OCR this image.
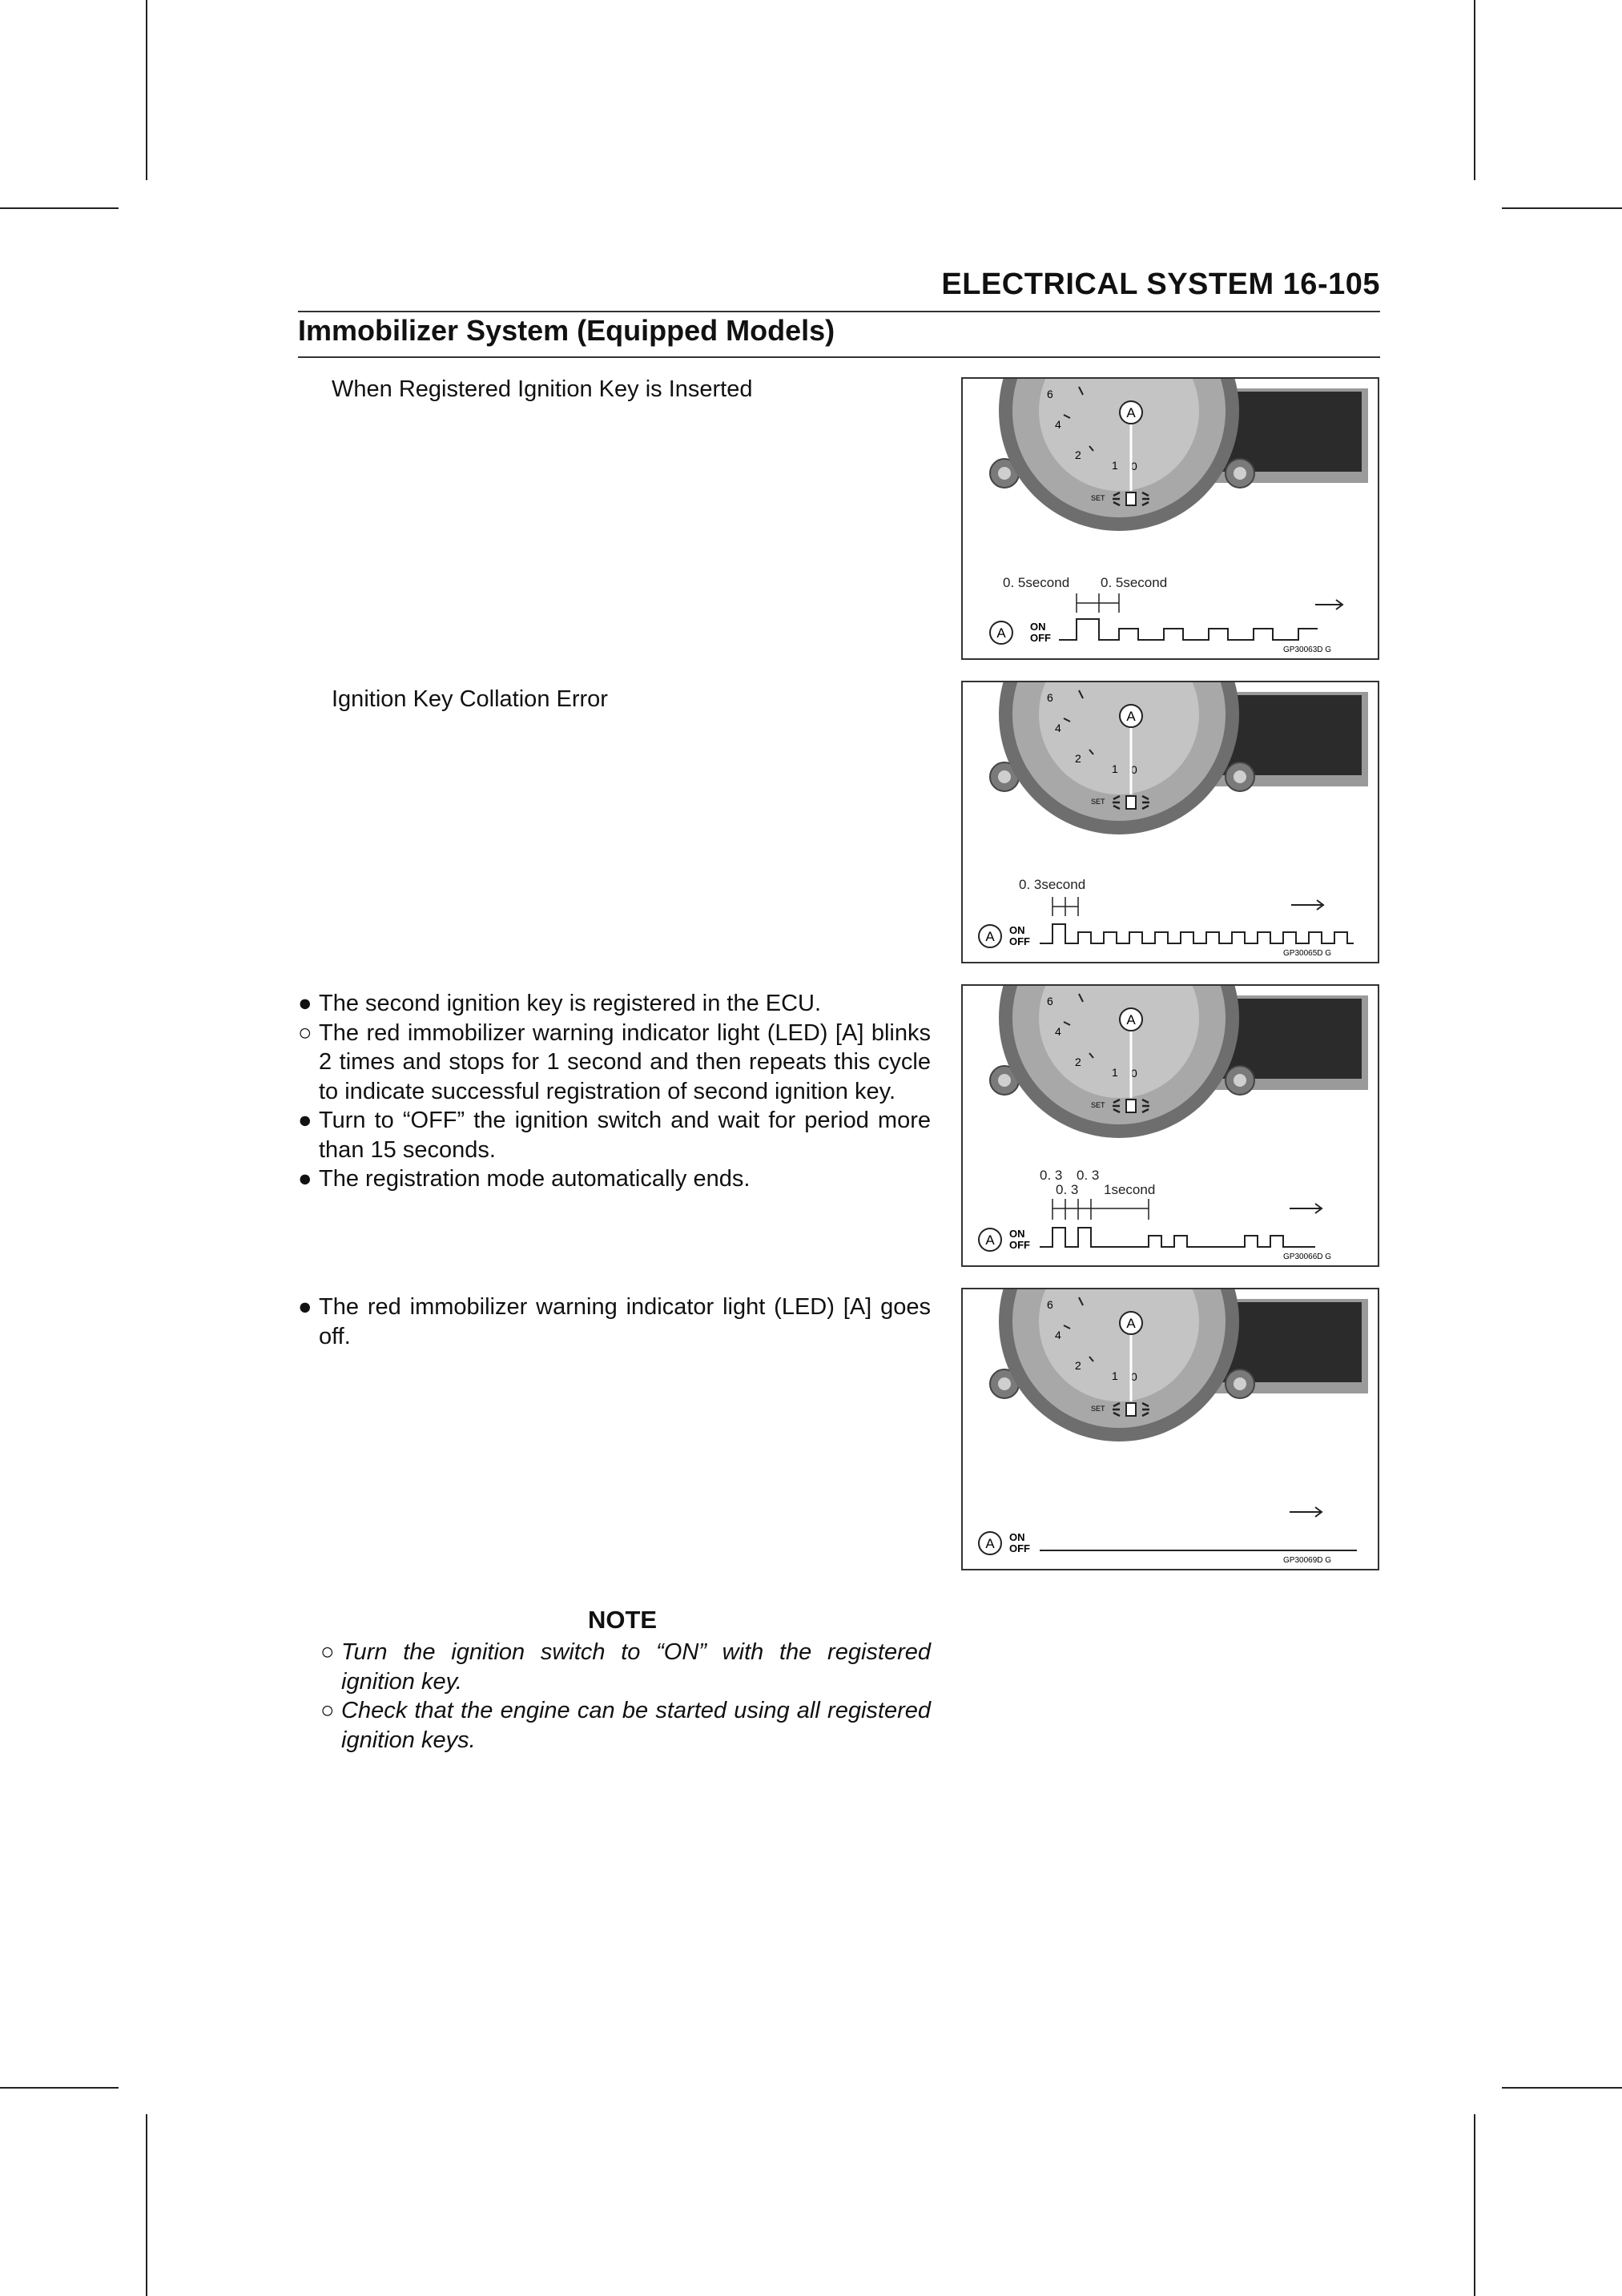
ELECTRICAL SYSTEM 16-105
Immobilizer System (Equipped Models)
When Registered Ignition Key is Inserted
Ignition Key Collation Error
● The second ignition key is registered in the ECU.
○ The red immobilizer warning indicator light (LED) [A] blinks 2 times and stops for 1 second and then repeats this cycle to indicate successful registration of second ignition key.
● Turn to “OFF” the ignition switch and wait for period more than 15 seconds.
● The registration mode automatically ends.
● The red immobilizer warning indicator light (LED) [A] goes off.
NOTE
○ Turn the ignition switch to “ON” with the registered ignition key.
○ Check that the engine can be started using all registered ignition keys.
6
4
2
1 0
SET
A
0. 5second 0. 5second
A ON
OFF
GP30063D G
6
4
2
1 0
SET
A
0. 3second
A ON
OFF
GP30065D G
6
4
2
1 0
SET
A
0. 3 0. 3
0. 3 1second
A ON
OFF
GP30066D G
6
4
2
1 0
SET
A
A ON
OFF
GP30069D G
